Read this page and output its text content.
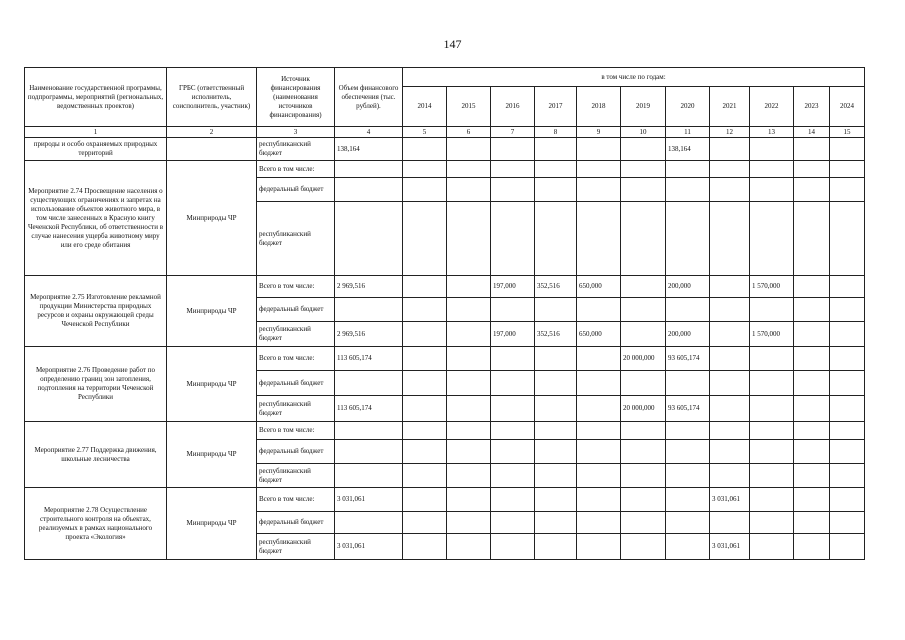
147
Наименование государственной программы, подпрограммы, мероприятий (региональных, ведомственных проектов)	ГРБС (ответственный исполнитель, соисполнитель, участник)	Источник финансирования (наименования источников финансирования)	Объем финансового обеспечения (тыс. рублей).	в том числе по годам:										
				2014	2015	2016	2017	2018	2019	2020	2021	2022	2023	2024
1	2	3	4	5	6	7	8	9	10	11	12	13	14	15
природы и особо охраняемых природных территорий		республиканский бюджет	138,164							138,164				
Мероприятие 2.74 Просвещение населения о существующих ограничениях и запретах на использование объектов животного мира, в том числе занесенных в Красную книгу Чеченской Республики, об ответственности в случае нанесения ущерба животному миру или его среде обитания	Минприроды ЧР	Всего в том числе:												
		федеральный бюджет												
		республиканский бюджет												
Мероприятие 2.75 Изготовление рекламной продукции Министерства природных ресурсов и охраны окружающей среды Чеченской Республики	Минприроды ЧР	Всего в том числе:	2 969,516			197,000	352,516	650,000		200,000		1 570,000		
		федеральный бюджет												
		республиканский бюджет	2 969,516			197,000	352,516	650,000		200,000		1 570,000		
Мероприятие 2.76 Проведение работ по определению границ зон затопления, подтопления на территории Чеченской Республики	Минприроды ЧР	Всего в том числе:	113 605,174						20 000,000	93 605,174				
		федеральный бюджет												
		республиканский бюджет	113 605,174						20 000,000	93 605,174				
Мероприятие 2.77 Поддержка движения, школьные лесничества	Минприроды ЧР	Всего в том числе:												
		федеральный бюджет												
		республиканский бюджет												
Мероприятие 2.78 Осуществление строительного контроля на объектах, реализуемых в рамках национального проекта «Экология»	Минприроды ЧР	Всего в том числе:	3 031,061								3 031,061			
		федеральный бюджет												
		республиканский бюджет	3 031,061								3 031,061			
